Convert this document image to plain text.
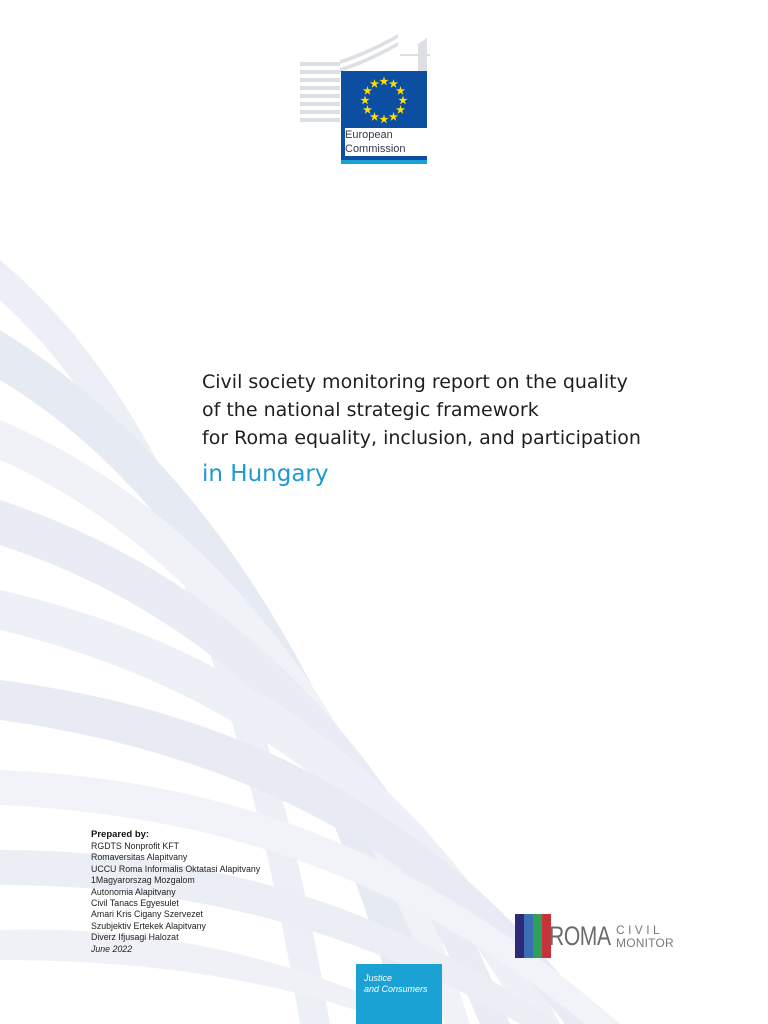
European
Commission
Civil society monitoring report on the quality
of the national strategic framework
for Roma equality, inclusion, and participation
in Hungary
Prepared by:
RGDTS Nonprofit KFT
Romaversitas Alapitvany
UCCU Roma Informalis Oktatasi Alapitvany
1Magyarorszag Mozgalom
Autonomia Alapitvany
Civil Tanacs Egyesulet
Amari Kris Cigany Szervezet
Szubjektiv Ertekek Alapitvany
Diverz Ifjusagi Halozat
June 2022	ROMA CIVIL
MONITOR
Justice
and Consumers
